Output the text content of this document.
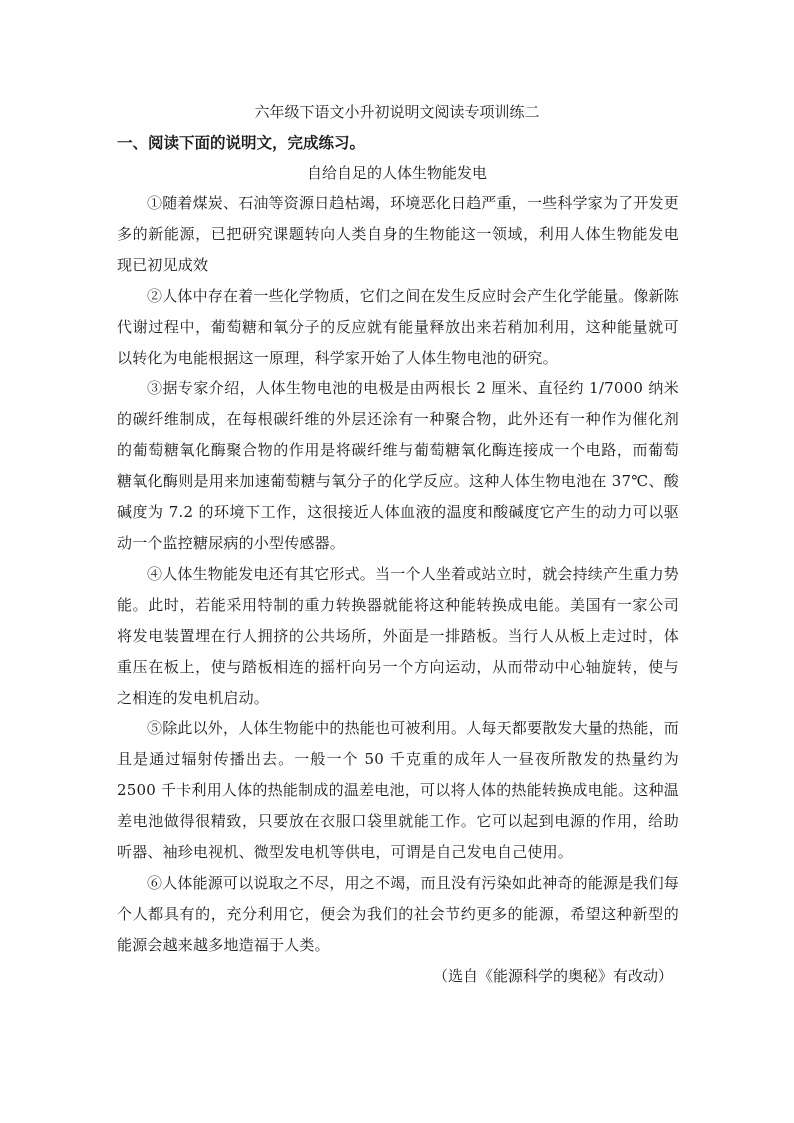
六年级下语文小升初说明文阅读专项训练二
一、阅读下面的说明文，完成练习。
自给自足的人体生物能发电

①随着煤炭、石油等资源日趋枯竭，环境恶化日趋严重，一些科学家为了开发更多的新能源，已把研究课题转向人类自身的生物能这一领域，利用人体生物能发电现已初见成效

②人体中存在着一些化学物质，它们之间在发生反应时会产生化学能量。像新陈代谢过程中，葡萄糖和氧分子的反应就有能量释放出来若稍加利用，这种能量就可以转化为电能根据这一原理，科学家开始了人体生物电池的研究。

③据专家介绍，人体生物电池的电极是由两根长 2 厘米、直径约 1/7000 纳米的碳纤维制成，在每根碳纤维的外层还涂有一种聚合物，此外还有一种作为催化剂的葡萄糖氧化酶聚合物的作用是将碳纤维与葡萄糖氧化酶连接成一个电路，而葡萄糖氧化酶则是用来加速葡萄糖与氧分子的化学反应。这种人体生物电池在 37℃、酸碱度为 7.2 的环境下工作，这很接近人体血液的温度和酸碱度它产生的动力可以驱动一个监控糖尿病的小型传感器。

④人体生物能发电还有其它形式。当一个人坐着或站立时，就会持续产生重力势能。此时，若能采用特制的重力转换器就能将这种能转换成电能。美国有一家公司将发电装置埋在行人拥挤的公共场所，外面是一排踏板。当行人从板上走过时，体重压在板上，使与踏板相连的摇杆向另一个方向运动，从而带动中心轴旋转，使与之相连的发电机启动。

⑤除此以外，人体生物能中的热能也可被利用。人每天都要散发大量的热能，而且是通过辐射传播出去。一般一个 50 千克重的成年人一昼夜所散发的热量约为 2500 千卡利用人体的热能制成的温差电池，可以将人体的热能转换成电能。这种温差电池做得很精致，只要放在衣服口袋里就能工作。它可以起到电源的作用，给助听器、袖珍电视机、微型发电机等供电，可谓是自己发电自己使用。

⑥人体能源可以说取之不尽，用之不竭，而且没有污染如此神奇的能源是我们每个人都具有的，充分利用它，便会为我们的社会节约更多的能源，希望这种新型的能源会越来越多地造福于人类。

（选自《能源科学的奥秘》有改动）
